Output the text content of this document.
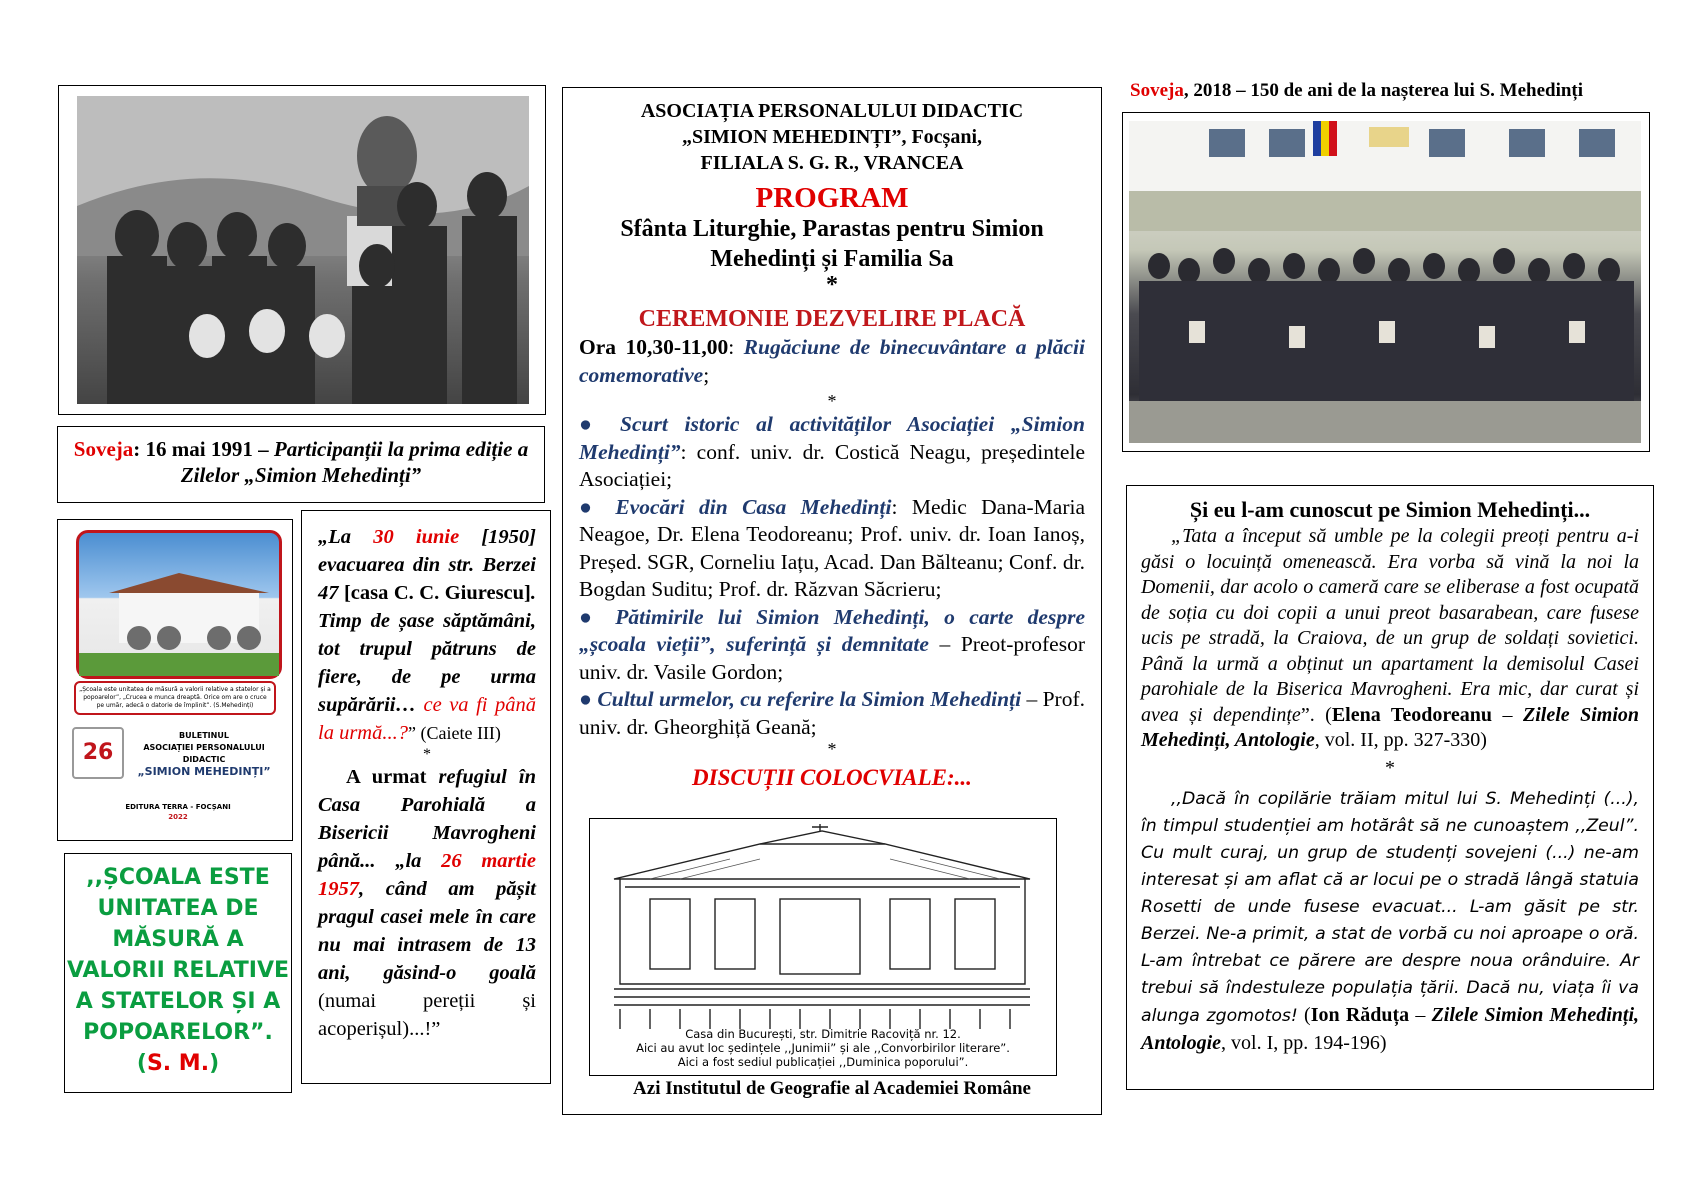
Soveja: 16 mai 1991 – Participanții la prima ediție a Zilelor „Simion Mehedinți”
„Școala este unitatea de măsură a valorii relative a statelor și a popoarelor”, „Crucea e munca dreaptă. Orice om are o cruce pe umăr, adecă o datorie de împlinit”. (S.Mehedinți)
26
BULETINUL
ASOCIAȚIEI PERSONALULUI DIDACTIC
„SIMION MEHEDINȚI”
EDITURA TERRA - FOCȘANI
2022
,,ȘCOALA ESTE UNITATEA DE MĂSURĂ A VALORII RELATIVE A STATELOR ȘI A POPOARELOR”. (S. M.)
„La 30 iunie [1950] evacuarea din str. Berzei 47 [casa C. C. Giurescu]. Timp de șase săptămâni, tot trupul pătruns de fiere, de pe urma supărării… ce va fi până la urmă...?” (Caiete III)
*
A urmat refugiul în Casa Parohială a Bisericii Mavrogheni până... „la 26 martie 1957, când am pășit pragul casei mele în care nu mai intrasem de 13 ani, găsind-o goală (numai pereții și acoperișul)...!”
ASOCIAȚIA PERSONALULUI DIDACTIC
„SIMION MEHEDINȚI”, Focșani,
FILIALA S. G. R., VRANCEA
PROGRAM
Sfânta Liturghie, Parastas pentru Simion Mehedinți și Familia Sa
*
CEREMONIE DEZVELIRE PLACĂ
Ora 10,30-11,00: Rugăciune de binecuvântare a plăcii comemorative;
*
● Scurt istoric al activităților Asociației „Simion Mehedinți”: conf. univ. dr. Costică Neagu, președintele Asociației;
● Evocări din Casa Mehedinți: Medic Dana-Maria Neagoe, Dr. Elena Teodoreanu; Prof. univ. dr. Ioan Ianoș, Președ. SGR, Corneliu Iațu, Acad. Dan Bălteanu; Conf. dr. Bogdan Suditu; Prof. dr. Răzvan Săcrieru;
● Pătimirile lui Simion Mehedinți, o carte despre „școala vieții”, suferință și demnitate – Preot-profesor univ. dr. Vasile Gordon;
● Cultul urmelor, cu referire la Simion Mehedinți – Prof. univ. dr. Gheorghiță Geană;
*
DISCUȚII COLOCVIALE:...
Casa din București, str. Dimitrie Racoviță nr. 12.
Aici au avut loc ședințele ,,Junimii” și ale ,,Convorbirilor literare”.
Aici a fost sediul publicației ,,Duminica poporului”.
Azi Institutul de Geografie al Academiei Române
Soveja, 2018 – 150 de ani de la nașterea lui S. Mehedinți
Și eu l-am cunoscut pe Simion Mehedinți...
„Tata a început să umble pe la colegii preoți pentru a-i găsi o locuință omenească. Era vorba să vină la noi la Domenii, dar acolo o cameră care se eliberase a fost ocupată de soția cu doi copii a unui preot basarabean, care fusese ucis pe stradă, la Craiova, de un grup de soldați sovietici. Până la urmă a obținut un apartament la demisolul Casei parohiale de la Biserica Mavrogheni. Era mic, dar curat și avea și dependințe”. (Elena Teodoreanu – Zilele Simion Mehedinți, Antologie, vol. II, pp. 327-330)
*
,,Dacă în copilărie trăiam mitul lui S. Mehedinți (...), în timpul studenției am hotărât să ne cunoaștem ,,Zeul”. Cu mult curaj, un grup de studenți sovejeni (...) ne-am interesat și am aflat că ar locui pe o stradă lângă statuia Rosetti de unde fusese evacuat... L-am găsit pe str. Berzei. Ne-a primit, a stat de vorbă cu noi aproape o oră. L-am întrebat ce părere are despre noua orânduire. Ar trebui să îndestuleze populația țării. Dacă nu, viața îi va alunga zgomotos! (Ion Răduța – Zilele Simion Mehedinți, Antologie, vol. I, pp. 194-196)
